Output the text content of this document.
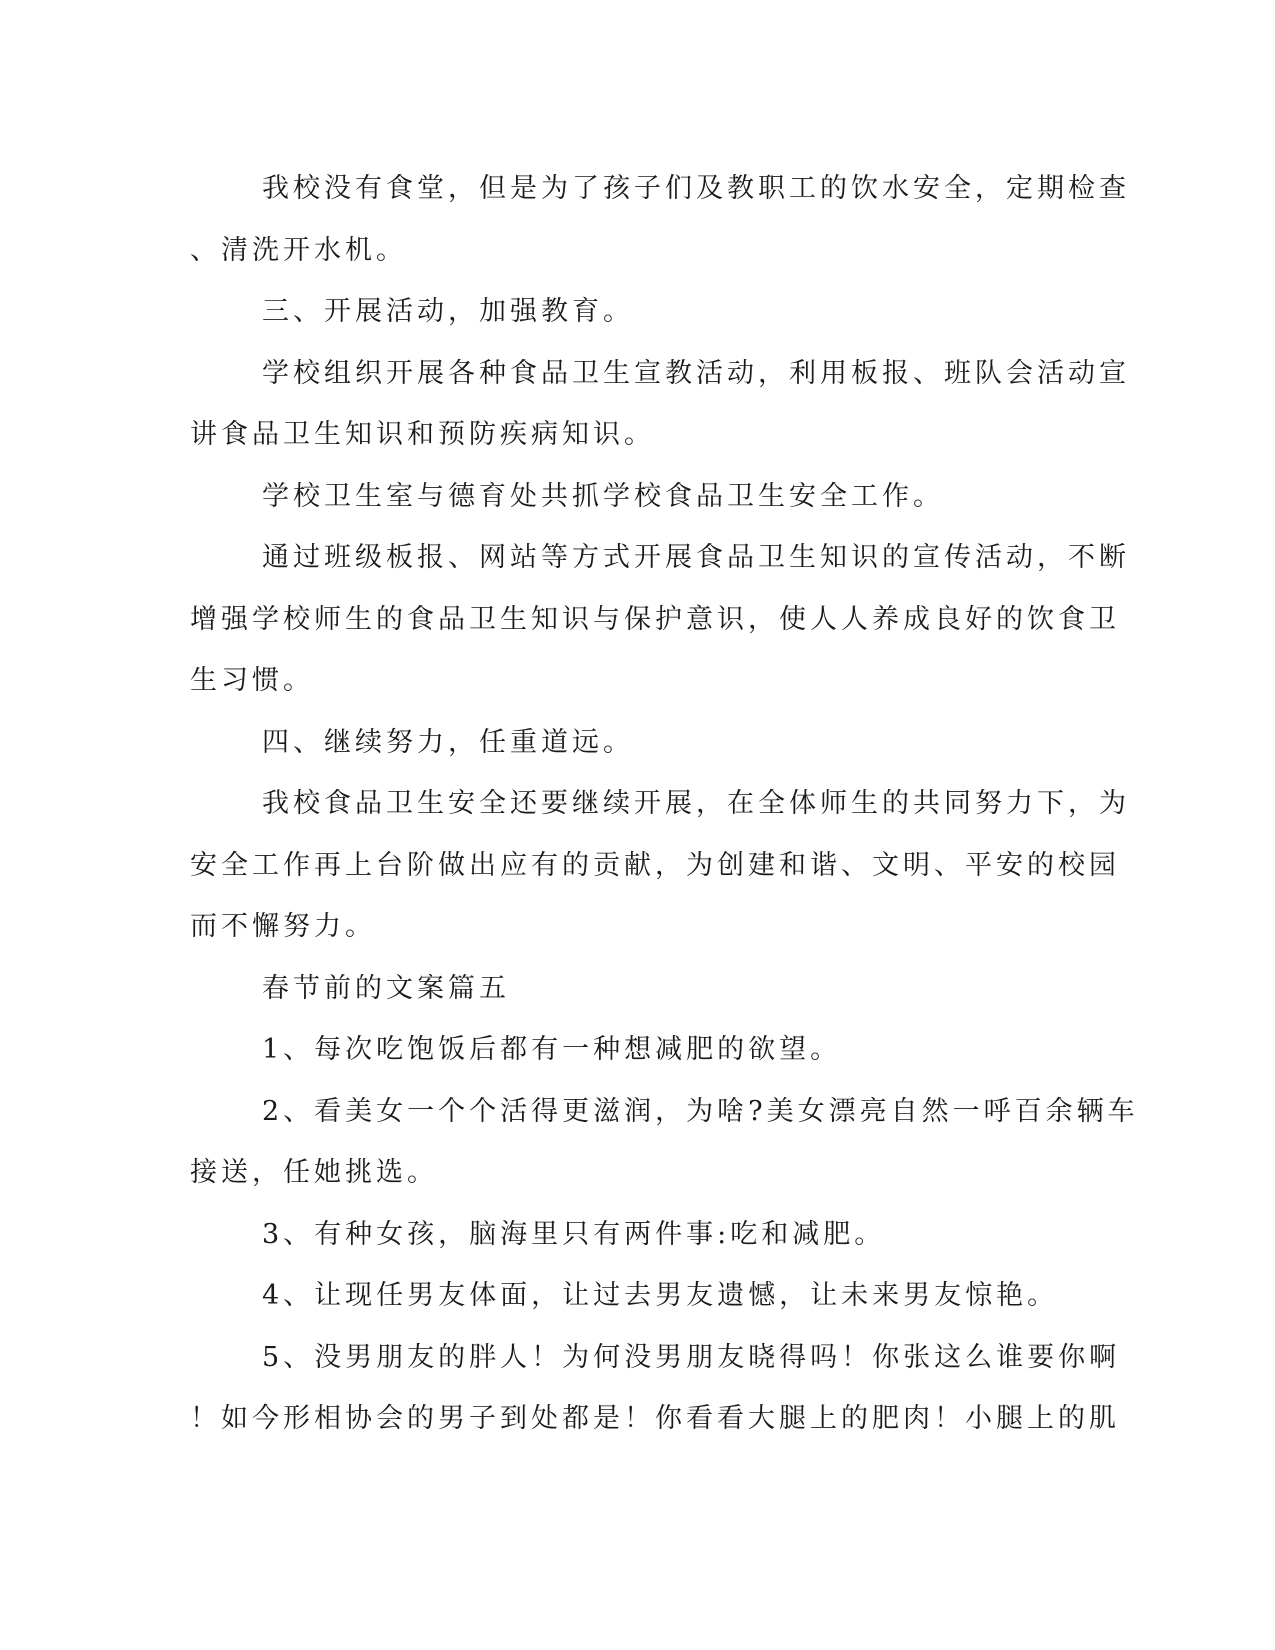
我校没有食堂，但是为了孩子们及教职工的饮水安全，定期检查
、清洗开水机。

三、开展活动，加强教育。

学校组织开展各种食品卫生宣教活动，利用板报、班队会活动宣
讲食品卫生知识和预防疾病知识。

学校卫生室与德育处共抓学校食品卫生安全工作。

通过班级板报、网站等方式开展食品卫生知识的宣传活动，不断
增强学校师生的食品卫生知识与保护意识，使人人养成良好的饮食卫
生习惯。

四、继续努力，任重道远。

我校食品卫生安全还要继续开展，在全体师生的共同努力下，为
安全工作再上台阶做出应有的贡献，为创建和谐、文明、平安的校园
而不懈努力。

春节前的文案篇五

1、每次吃饱饭后都有一种想减肥的欲望。

2、看美女一个个活得更滋润，为啥?美女漂亮自然一呼百余辆车
接送，任她挑选。

3、有种女孩，脑海里只有两件事:吃和减肥。

4、让现任男友体面，让过去男友遗憾，让未来男友惊艳。

5、没男朋友的胖人！为何没男朋友晓得吗！你张这么谁要你啊
！如今形相协会的男子到处都是！你看看大腿上的肥肉！小腿上的肌
